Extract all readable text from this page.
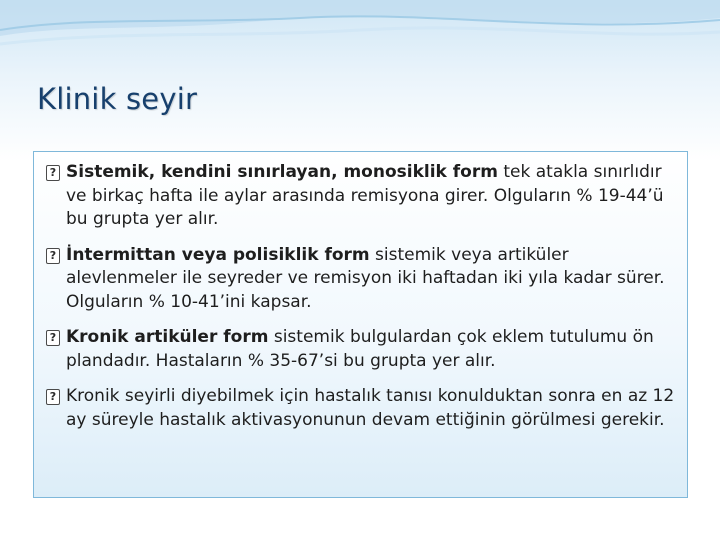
Klinik seyir
? Sistemik, kendini sınırlayan, monosiklik form tek atakla sınırlıdır ve birkaç hafta ile aylar arasında remisyona girer. Olguların % 19-44’ü bu grupta yer alır.
? İntermittan veya polisiklik form sistemik veya artiküler alevlenmeler ile seyreder ve remisyon iki haftadan iki yıla kadar sürer. Olguların % 10-41’ini kapsar.
? Kronik artiküler form sistemik bulgulardan çok eklem tutulumu ön plandadır. Hastaların % 35-67’si bu grupta yer alır.
? Kronik seyirli diyebilmek için hastalık tanısı konulduktan sonra en az 12 ay süreyle hastalık aktivasyonunun devam ettiğinin görülmesi gerekir.
